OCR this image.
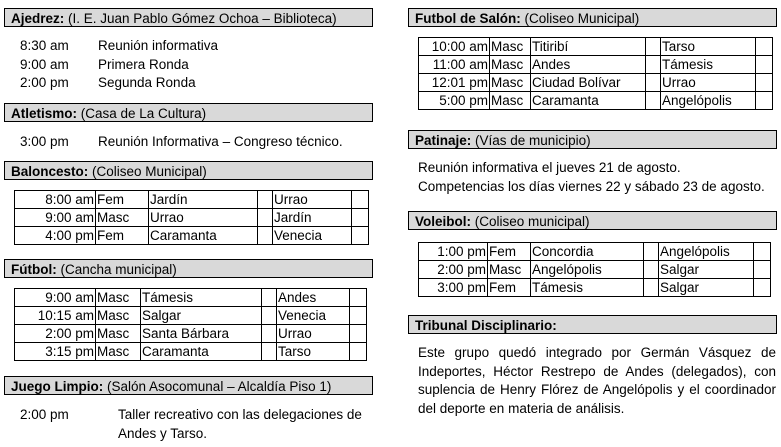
Ajedrez: (I. E. Juan Pablo Gómez Ochoa – Biblioteca)
8:30 am Reunión informativa
9:00 am Primera Ronda
2:00 pm Segunda Ronda
Atletismo: (Casa de La Cultura)
3:00 pm Reunión Informativa – Congreso técnico.
Baloncesto: (Coliseo Municipal)
8:00 am	Fem	Jardín		Urrao	
9:00 am	Masc	Urrao		Jardín	
4:00 pm	Fem	Caramanta		Venecia	
Fútbol: (Cancha municipal)
9:00 am	Masc	Támesis		Andes	
10:15 am	Masc	Salgar		Venecia	
2:00 pm	Masc	Santa Bárbara		Urrao	
3:15 pm	Masc	Caramanta		Tarso	
Juego Limpio: (Salón Asocomunal – Alcaldía Piso 1)
2:00 pm	Taller recreativo con las delegaciones de Andes y Tarso.
Futbol de Salón: (Coliseo Municipal)
10:00 am	Masc	Titiribí		Tarso	
11:00 am	Masc	Andes		Támesis	
12:01 pm	Masc	Ciudad Bolívar		Urrao	
5:00 pm	Masc	Caramanta		Angelópolis	
Patinaje: (Vías de municipio)
Reunión informativa el jueves 21 de agosto. Competencias los días viernes 22 y sábado 23 de agosto.
Voleibol: (Coliseo municipal)
1:00 pm	Fem	Concordia		Angelópolis	
2:00 pm	Masc	Angelópolis		Salgar	
3:00 pm	Fem	Támesis		Salgar	
Tribunal Disciplinario:
Este grupo quedó integrado por Germán Vásquez de Indeportes, Héctor Restrepo de Andes (delegados), con suplencia de Henry Flórez de Angelópolis y el coordinador del deporte en materia de análisis.
